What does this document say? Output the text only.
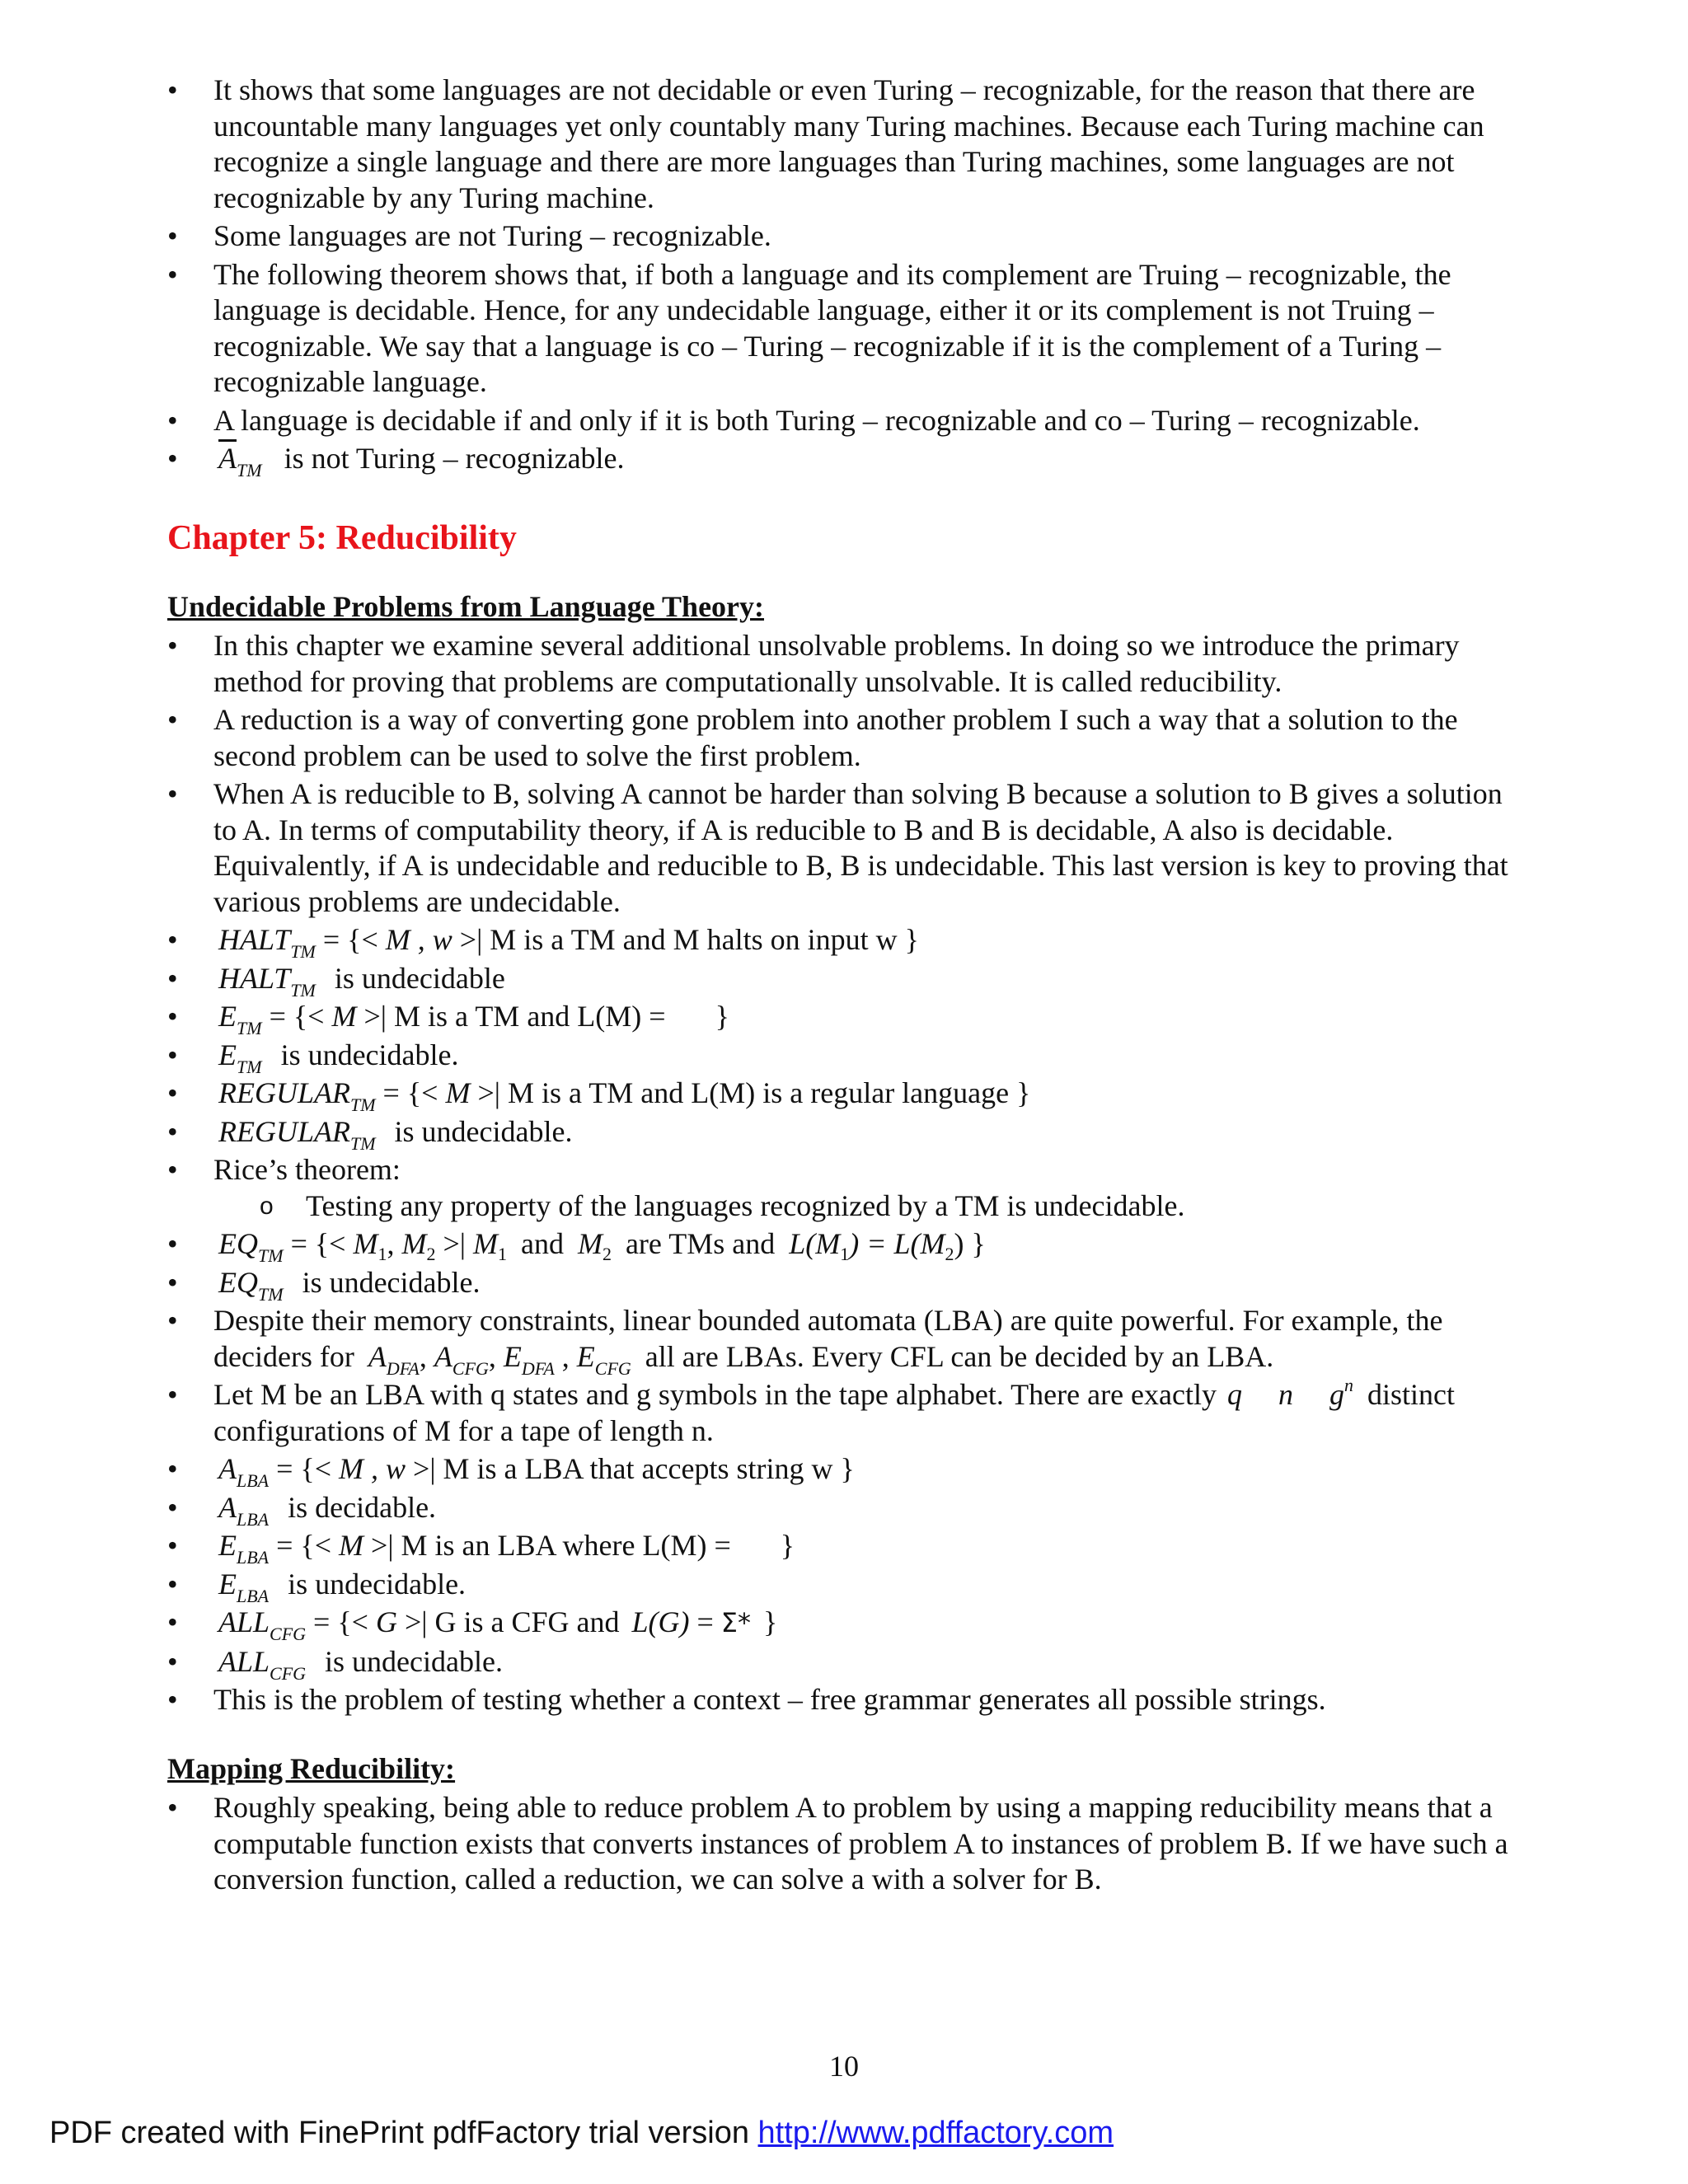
• It shows that some languages are not decidable or even Turing – recognizable, for the reason that there are uncountable many languages yet only countably many Turing machines. Because each Turing machine can recognize a single language and there are more languages than Turing machines, some languages are not recognizable by any Turing machine.
• Some languages are not Turing – recognizable.
• The following theorem shows that, if both a language and its complement are Truing – recognizable, the language is decidable. Hence, for any undecidable language, either it or its complement is not Truing – recognizable. We say that a language is co – Turing – recognizable if it is the complement of a Turing – recognizable language.
• A language is decidable if and only if it is both Turing – recognizable and co – Turing – recognizable.
• $\overline{A}_{TM}$ is not Turing – recognizable.
Chapter 5: Reducibility
Undecidable Problems from Language Theory:
• In this chapter we examine several additional unsolvable problems. In doing so we introduce the primary method for proving that problems are computationally unsolvable. It is called reducibility.
• A reduction is a way of converting gone problem into another problem I such a way that a solution to the second problem can be used to solve the first problem.
• When A is reducible to B, solving A cannot be harder than solving B because a solution to B gives a solution to A. In terms of computability theory, if A is reducible to B and B is decidable, A also is decidable. Equivalently, if A is undecidable and reducible to B, B is undecidable. This last version is key to proving that various problems are undecidable.
• $HALT_{TM}$ = {< M , w >| M is a TM and M halts on input w }
• $HALT_{TM}$ is undecidable
• $E_{TM}$ = {< M >| M is a TM and L(M) = }
• $E_{TM}$ is undecidable.
• $REGULAR_{TM}$ = {< M >| M is a TM and L(M) is a regular language }
• $REGULAR_{TM}$ is undecidable.
• Rice’s theorem:
o Testing any property of the languages recognized by a TM is undecidable.
• $EQ_{TM}$ = {< $M_1$, $M_2$ >| $M_1$ and $M_2$ are TMs and $L(M_1) = L(M_2)$ }
• $EQ_{TM}$ is undecidable.
• Despite their memory constraints, linear bounded automata (LBA) are quite powerful. For example, the deciders for $A_{DFA}$, $A_{CFG}$, $E_{DFA}$ , $E_{CFG}$ all are LBAs. Every CFL can be decided by an LBA.
• Let M be an LBA with q states and g symbols in the tape alphabet. There are exactly q n $g^n$ distinct configurations of M for a tape of length n.
• $A_{LBA}$ = {< M , w >| M is a LBA that accepts string w }
• $A_{LBA}$ is decidable.
• $E_{LBA}$ = {< M >| M is an LBA where L(M) = }
• $E_{LBA}$ is undecidable.
• $ALL_{CFG}$ = {< G >| G is a CFG and L(G) = Σ* }
• $ALL_{CFG}$ is undecidable.
• This is the problem of testing whether a context – free grammar generates all possible strings.
Mapping Reducibility:
• Roughly speaking, being able to reduce problem A to problem by using a mapping reducibility means that a computable function exists that converts instances of problem A to instances of problem B. If we have such a conversion function, called a reduction, we can solve a with a solver for B.
10
PDF created with FinePrint pdfFactory trial version http://www.pdffactory.com
